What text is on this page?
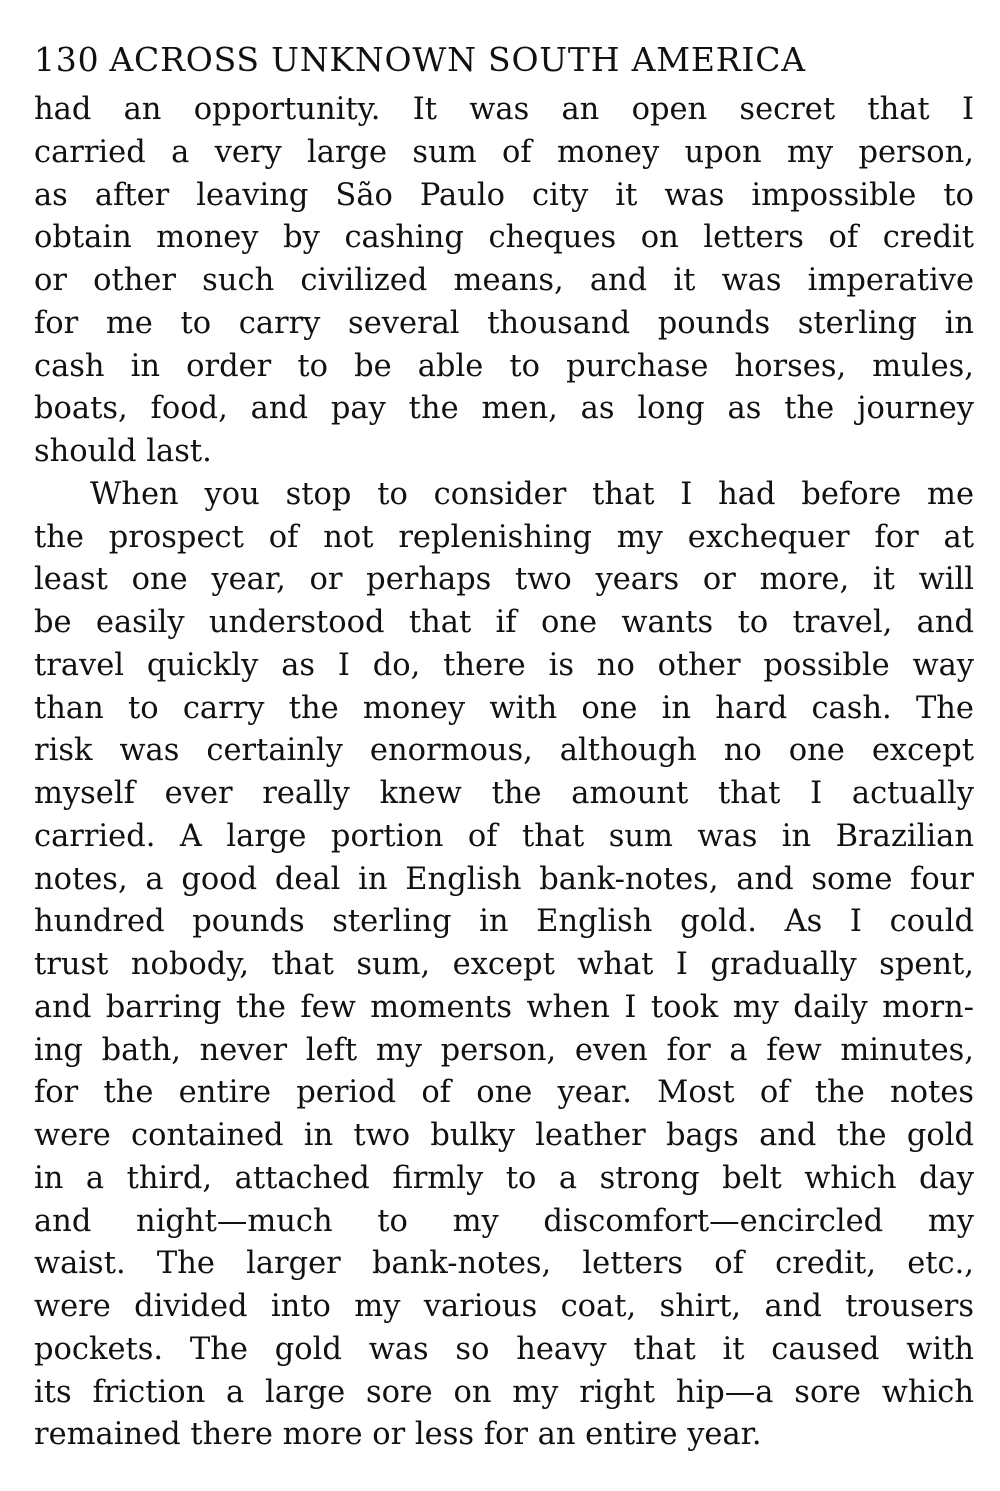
130 ACROSS UNKNOWN SOUTH AMERICA
had an opportunity. It was an open secret that I
carried a very large sum of money upon my person,
as after leaving São Paulo city it was impossible to
obtain money by cashing cheques on letters of credit
or other such civilized means, and it was imperative
for me to carry several thousand pounds sterling in
cash in order to be able to purchase horses, mules,
boats, food, and pay the men, as long as the journey
should last.
When you stop to consider that I had before me
the prospect of not replenishing my exchequer for at
least one year, or perhaps two years or more, it will
be easily understood that if one wants to travel, and
travel quickly as I do, there is no other possible way
than to carry the money with one in hard cash. The
risk was certainly enormous, although no one except
myself ever really knew the amount that I actually
carried. A large portion of that sum was in Brazilian
notes, a good deal in English bank-notes, and some four
hundred pounds sterling in English gold. As I could
trust nobody, that sum, except what I gradually spent,
and barring the few moments when I took my daily morn-
ing bath, never left my person, even for a few minutes,
for the entire period of one year. Most of the notes
were contained in two bulky leather bags and the gold
in a third, attached firmly to a strong belt which day
and night—much to my discomfort—encircled my
waist. The larger bank-notes, letters of credit, etc.,
were divided into my various coat, shirt, and trousers
pockets. The gold was so heavy that it caused with
its friction a large sore on my right hip—a sore which
remained there more or less for an entire year.
